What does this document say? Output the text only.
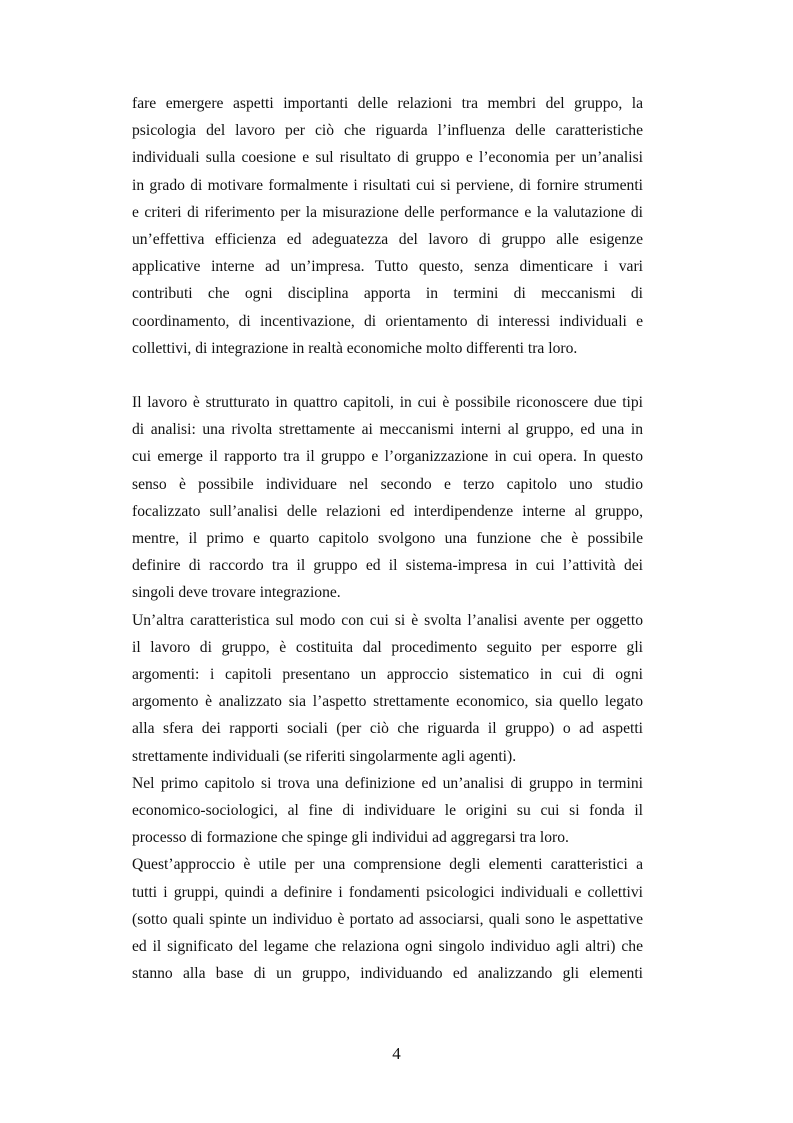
fare emergere aspetti importanti delle relazioni tra membri del gruppo, la
psicologia del lavoro per ciò che riguarda l’influenza delle caratteristiche
individuali sulla coesione e sul risultato di gruppo e l’economia per un’analisi
in grado di motivare formalmente i risultati cui si perviene, di fornire strumenti
e criteri di riferimento per la misurazione delle performance e la valutazione di
un’effettiva efficienza ed adeguatezza del lavoro di gruppo alle esigenze
applicative interne ad un’impresa. Tutto questo, senza dimenticare i vari
contributi che ogni disciplina apporta in termini di meccanismi di
coordinamento, di incentivazione, di orientamento di interessi individuali e
collettivi, di integrazione in realtà economiche molto differenti tra loro.

Il lavoro è strutturato in quattro capitoli, in cui è possibile riconoscere due tipi
di analisi: una rivolta strettamente ai meccanismi interni al gruppo, ed una in
cui emerge il rapporto tra il gruppo e l’organizzazione in cui opera. In questo
senso è possibile individuare nel secondo e terzo capitolo uno studio
focalizzato sull’analisi delle relazioni ed interdipendenze interne al gruppo,
mentre, il primo e quarto capitolo svolgono una funzione che è possibile
definire di raccordo tra il gruppo ed il sistema-impresa in cui l’attività dei
singoli deve trovare integrazione.

Un’altra caratteristica sul modo con cui si è svolta l’analisi avente per oggetto
il lavoro di gruppo, è costituita dal procedimento seguito per esporre gli
argomenti: i capitoli presentano un approccio sistematico in cui di ogni
argomento è analizzato sia l’aspetto strettamente economico, sia quello legato
alla sfera dei rapporti sociali (per ciò che riguarda il gruppo) o ad aspetti
strettamente individuali (se riferiti singolarmente agli agenti).

Nel primo capitolo si trova una definizione ed un’analisi di gruppo in termini
economico-sociologici, al fine di individuare le origini su cui si fonda il
processo di formazione che spinge gli individui ad aggregarsi tra loro.

Quest’approccio è utile per una comprensione degli elementi caratteristici a
tutti i gruppi, quindi a definire i fondamenti psicologici individuali e collettivi
(sotto quali spinte un individuo è portato ad associarsi, quali sono le aspettative
ed il significato del legame che relaziona ogni singolo individuo agli altri) che
stanno alla base di un gruppo, individuando ed analizzando gli elementi

4
